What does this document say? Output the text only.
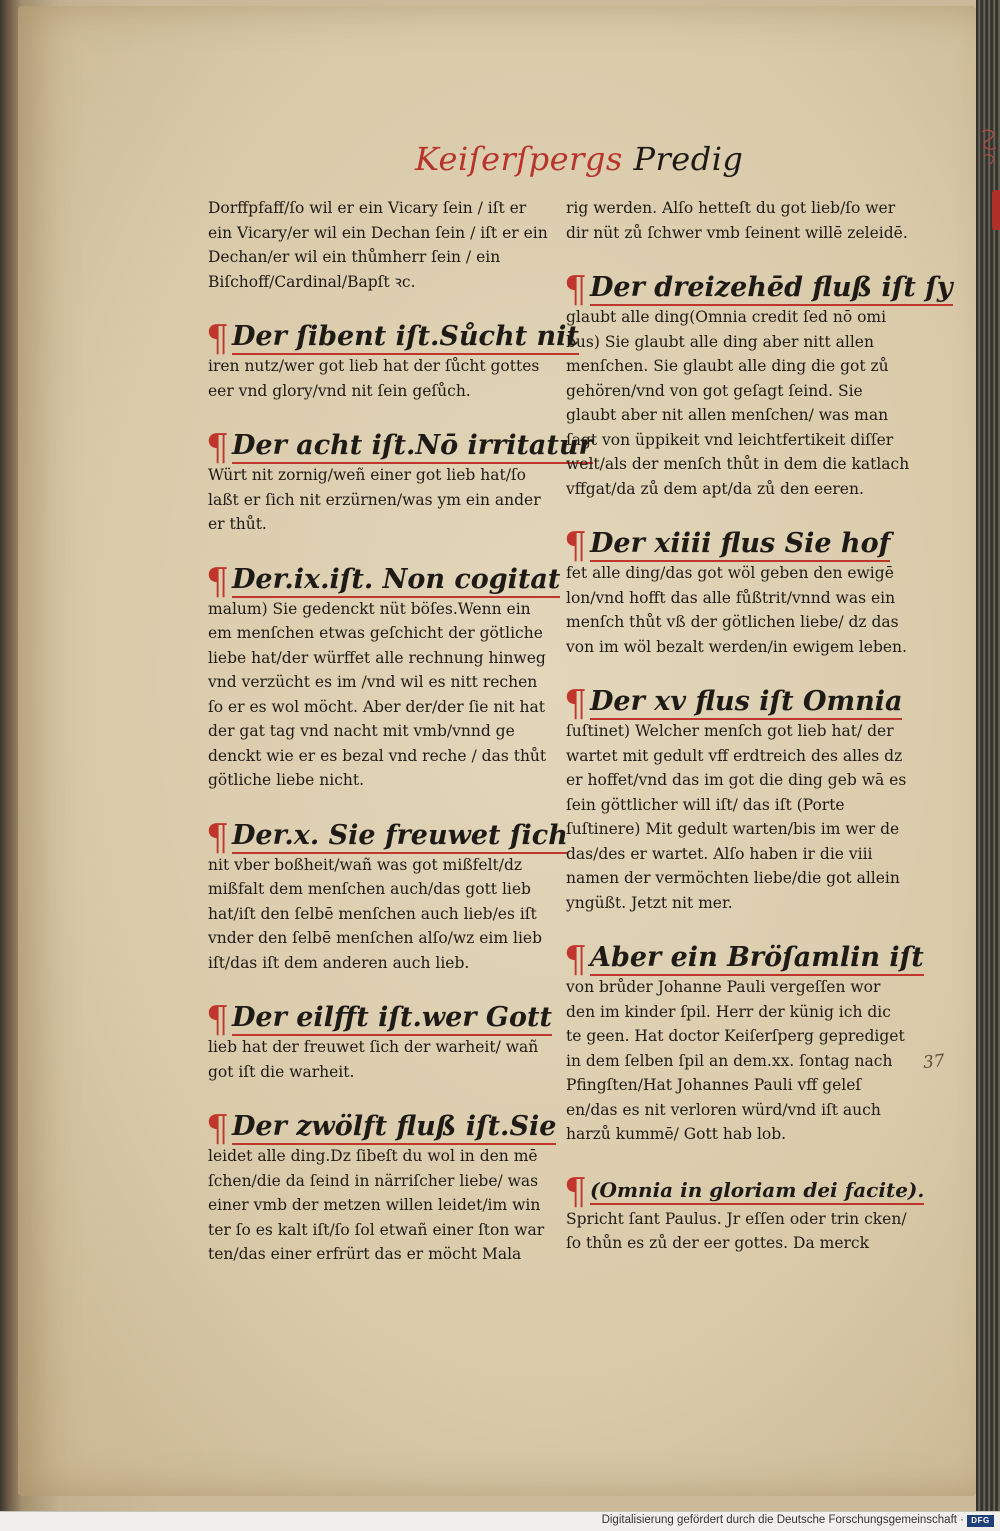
Keiſerſpergs Predig

Dorffpfaff/ſo wil er ein Vicary ſein / iſt er ein Vicary/er wil ein Dechan ſein / iſt er ein Dechan/er wil ein thůmherr ſein / ein Biſchoff/Cardinal/Bapſt ꝛc.

¶ Der ſibent iſt.Sůcht nit

iren nutz/wer got lieb hat der ſůcht gottes eer vnd glory/vnd nit ſein geſůch.

¶ Der acht iſt.Nō irritatur

Würt nit zornig/weñ einer got lieb hat/ſo laßt er ſich nit erzürnen/was ym ein ander er thůt.

¶ Der.ix.iſt. Non cogitat

malum) Sie gedenckt nüt böſes.Wenn ein em menſchen etwas geſchicht der götliche liebe hat/der würffet alle rechnung hinweg vnd verzücht es im /vnd wil es nitt rechen ſo er es wol möcht. Aber der/der ſie nit hat der gat tag vnd nacht mit vmb/vnnd ge denckt wie er es bezal vnd reche / das thůt götliche liebe nicht.

¶ Der.x. Sie freuwet ſich

nit vber boßheit/wañ was got mißfelt/dz mißfalt dem menſchen auch/das gott lieb hat/iſt den ſelbē menſchen auch lieb/es iſt vnder den ſelbē menſchen alſo/wz eim lieb iſt/das iſt dem anderen auch lieb.

¶ Der eilfft iſt.wer Gott

lieb hat der freuwet ſich der warheit/ wañ got iſt die warheit.

¶ Der zwölft fluß iſt.Sie

leidet alle ding.Dz ſibeſt du wol in den mē ſchen/die da ſeind in närriſcher liebe/ was einer vmb der metzen willen leidet/im win ter ſo es kalt iſt/ſo ſol etwañ einer ſton war ten/das einer erfrürt das er möcht Mala

rig werden. Alſo hetteſt du got lieb/ſo wer dir nüt zů ſchwer vmb ſeinent willē zeleidē.

¶ Der dreizehēd fluß iſt ſy

glaubt alle ding(Omnia credit ſed nō omi bus) Sie glaubt alle ding aber nitt allen menſchen. Sie glaubt alle ding die got zů gehören/vnd von got geſagt ſeind. Sie glaubt aber nit allen menſchen/ was man ſagt von üppikeit vnd leichtfertikeit diſſer welt/als der menſch thůt in dem die katlach vffgat/da zů dem apt/da zů den eeren.

¶ Der xiiii flus Sie hof

fet alle ding/das got wöl geben den ewigē lon/vnd hofft das alle fůßtrit/vnnd was ein menſch thůt vß der götlichen liebe/ dz das von im wöl bezalt werden/in ewigem leben.

¶ Der xv flus iſt Omnia

ſuſtinet) Welcher menſch got lieb hat/ der wartet mit gedult vff erdtreich des alles dz er hoffet/vnd das im got die ding geb wā es ſein göttlicher will iſt/ das iſt (Porte ſuſtinere) Mit gedult warten/bis im wer de das/des er wartet. Alſo haben ir die viii namen der vermöchten liebe/die got allein yngüßt. Jetzt nit mer.

¶ Aber ein Bröſamlin iſt

von brůder Johanne Pauli vergeſſen wor den im kinder ſpil. Herr der künig ich dic te geen. Hat doctor Keiſerſperg geprediget in dem ſelben ſpil an dem.xx. ſontag nach Pfingſten/Hat Johannes Pauli vff geleſ en/das es nit verloren würd/vnd iſt auch harzů kummē/ Gott hab lob.

¶ (Omnia in gloriam dei facite).

Spricht ſant Paulus. Jr eſſen oder trin cken/ſo thůn es zů der eer gottes. Da merck

37
Digitalisierung gefördert durch die Deutsche Forschungsgemeinschaft · DFG
